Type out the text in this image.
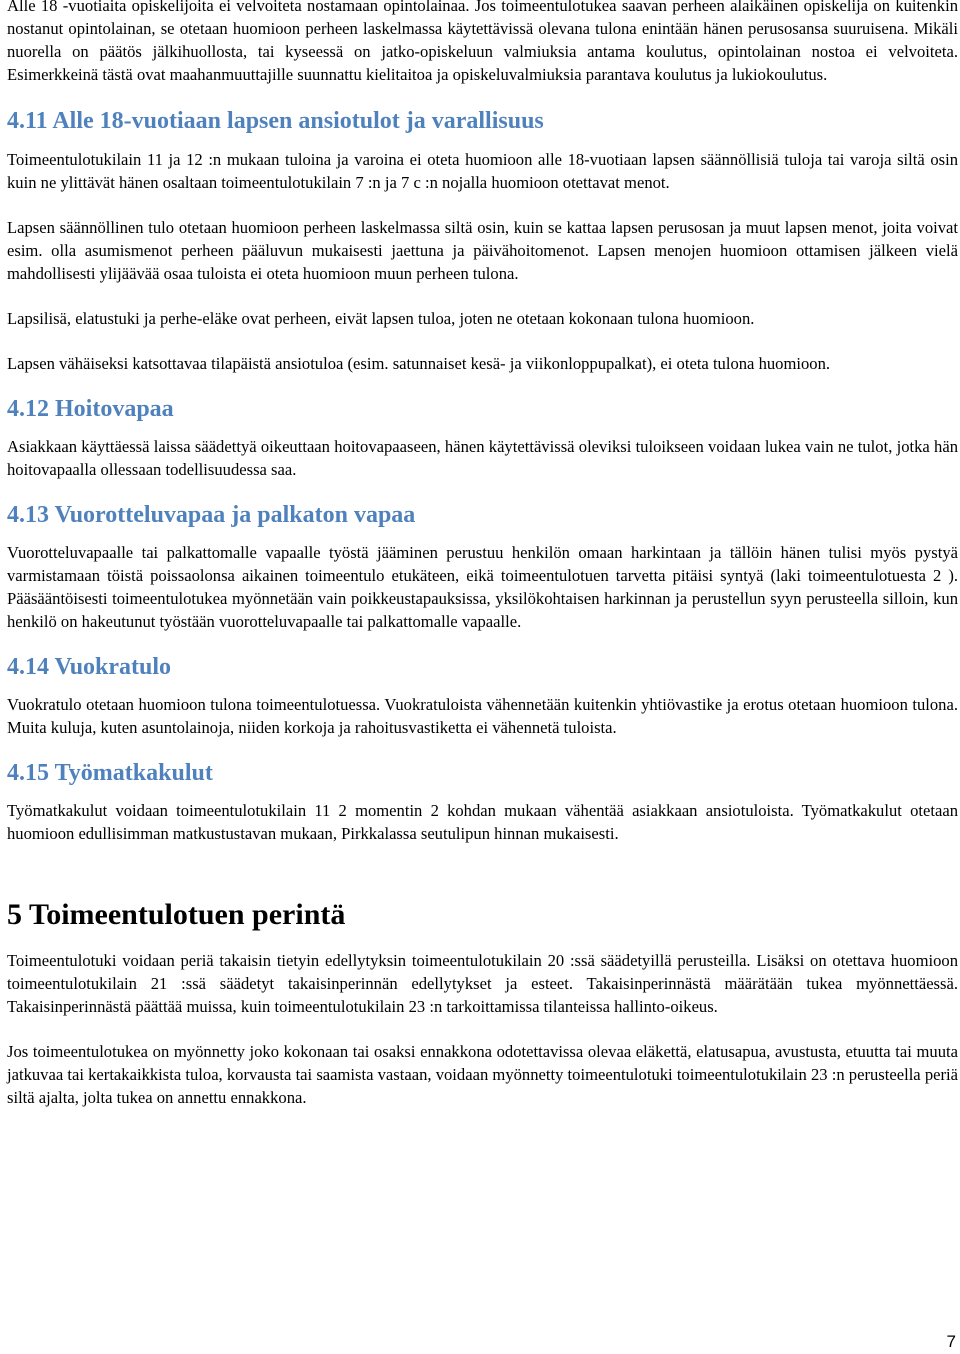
Alle 18 -vuotiaita opiskelijoita ei velvoiteta nostamaan opintolainaa. Jos toimeentulotukea saavan perheen alaikäinen opiskelija on kuitenkin nostanut opintolainan, se otetaan huomioon perheen laskelmassa käytettävissä olevana tulona enintään hänen perusosansa suuruisena. Mikäli nuorella on päätös jälkihuollosta, tai kyseessä on jatko-opiskeluun valmiuksia antama koulutus, opintolainan nostoa ei velvoiteta. Esimerkkeinä tästä ovat maahanmuuttajille suunnattu kielitaitoa ja opiskeluvalmiuksia parantava koulutus ja lukiokoulutus.

4.11 Alle 18-vuotiaan lapsen ansiotulot ja varallisuus

Toimeentulotukilain 11 ja 12 :n mukaan tuloina ja varoina ei oteta huomioon alle 18-vuotiaan lapsen säännöllisiä tuloja tai varoja siltä osin kuin ne ylittävät hänen osaltaan toimeentulotukilain 7 :n ja 7 c :n nojalla huomioon otettavat menot.

Lapsen säännöllinen tulo otetaan huomioon perheen laskelmassa siltä osin, kuin se kattaa lapsen perusosan ja muut lapsen menot, joita voivat esim. olla asumismenot perheen pääluvun mukaisesti jaettuna ja päivähoitomenot. Lapsen menojen huomioon ottamisen jälkeen vielä mahdollisesti ylijäävää osaa tuloista ei oteta huomioon muun perheen tulona.

Lapsilisä, elatustuki ja perhe-eläke ovat perheen, eivät lapsen tuloa, joten ne otetaan kokonaan tulona huomioon.

Lapsen vähäiseksi katsottavaa tilapäistä ansiotuloa (esim. satunnaiset kesä- ja viikonloppupalkat), ei oteta tulona huomioon.

4.12 Hoitovapaa

Asiakkaan käyttäessä laissa säädettyä oikeuttaan hoitovapaaseen, hänen käytettävissä oleviksi tuloikseen voidaan lukea vain ne tulot, jotka hän hoitovapaalla ollessaan todellisuudessa saa.

4.13 Vuorotteluvapaa ja palkaton vapaa

Vuorotteluvapaalle tai palkattomalle vapaalle työstä jääminen perustuu henkilön omaan harkintaan ja tällöin hänen tulisi myös pystyä varmistamaan töistä poissaolonsa aikainen toimeentulo etukäteen, eikä toimeentulotuen tarvetta pitäisi syntyä (laki toimeentulotuesta 2 ). Pääsääntöisesti toimeentulotukea myönnetään vain poikkeustapauksissa, yksilökohtaisen harkinnan ja perustellun syyn perusteella silloin, kun henkilö on hakeutunut työstään vuorotteluvapaalle tai palkattomalle vapaalle.

4.14 Vuokratulo

Vuokratulo otetaan huomioon tulona toimeentulotuessa. Vuokratuloista vähennetään kuitenkin yhtiövastike ja erotus otetaan huomioon tulona. Muita kuluja, kuten asuntolainoja, niiden korkoja ja rahoitusvastiketta ei vähennetä tuloista.

4.15 Työmatkakulut

Työmatkakulut voidaan toimeentulotukilain 11 2 momentin 2 kohdan mukaan vähentää asiakkaan ansiotuloista. Työmatkakulut otetaan huomioon edullisimman matkustustavan mukaan, Pirkkalassa seutulipun hinnan mukaisesti.

5 Toimeentulotuen perintä

Toimeentulotuki voidaan periä takaisin tietyin edellytyksin toimeentulotukilain 20 :ssä säädetyillä perusteilla. Lisäksi on otettava huomioon toimeentulotukilain 21 :ssä säädetyt takaisinperinnän edellytykset ja esteet. Takaisinperinnästä määrätään tukea myönnettäessä. Takaisinperinnästä päättää muissa, kuin toimeentulotukilain 23 :n tarkoittamissa tilanteissa hallinto-oikeus.

Jos toimeentulotukea on myönnetty joko kokonaan tai osaksi ennakkona odotettavissa olevaa eläkettä, elatusapua, avustusta, etuutta tai muuta jatkuvaa tai kertakaikkista tuloa, korvausta tai saamista vastaan, voidaan myönnetty toimeentulotuki toimeentulotukilain 23 :n perusteella periä siltä ajalta, jolta tukea on annettu ennakkona.

7
